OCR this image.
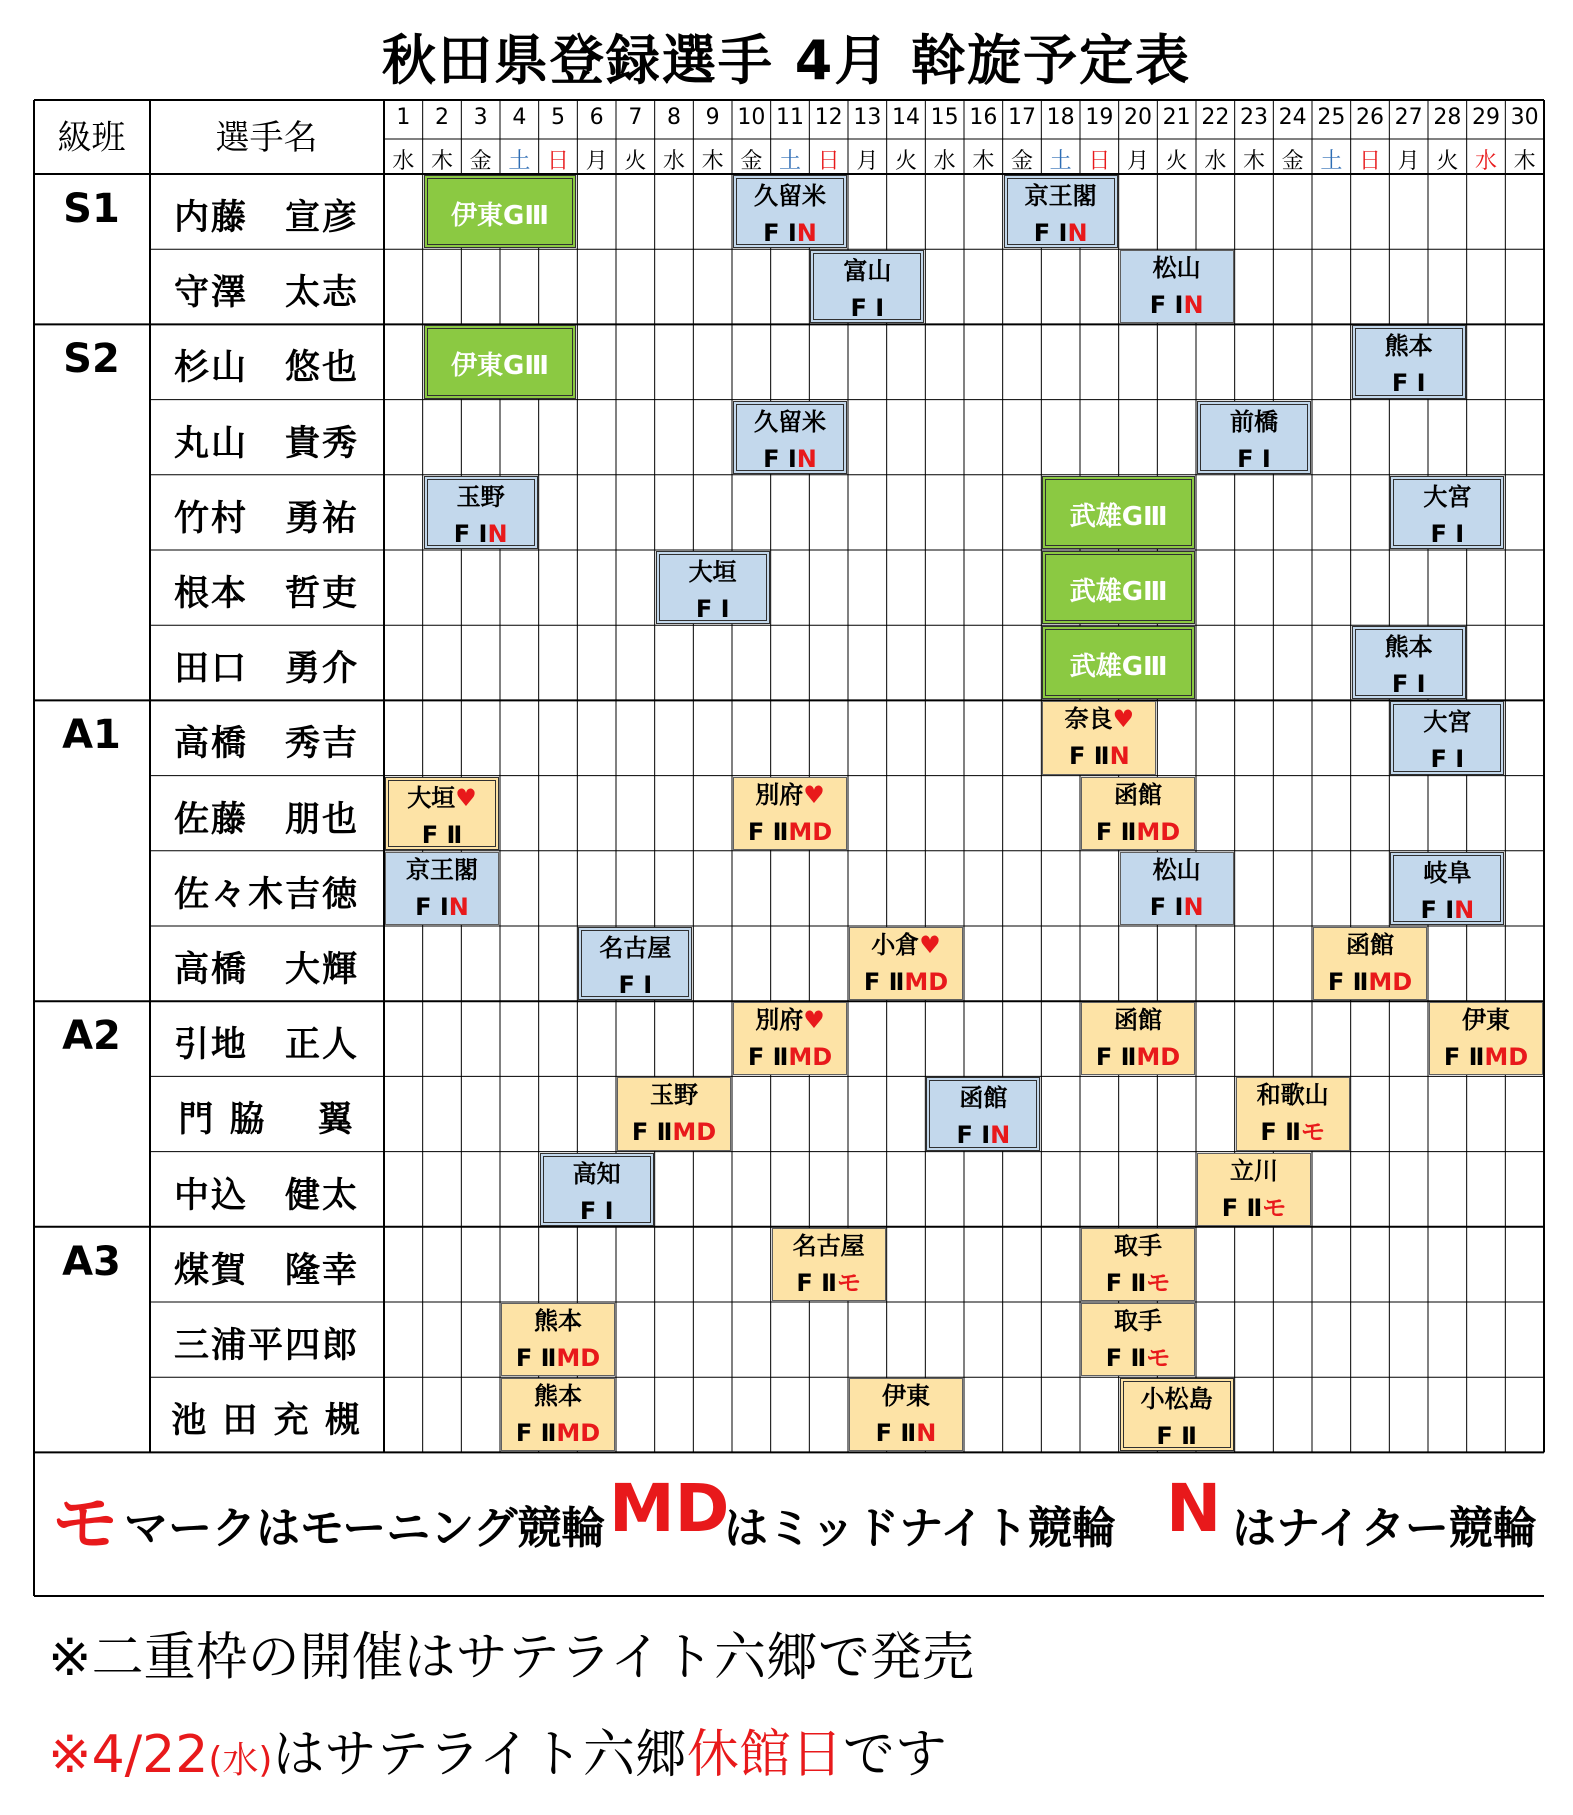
秋田県登録選手 4月 斡旋予定表
級班	選手名
1
水
2
木
3
金
4
土
5
日
6
月
7
火
8
水
9
木
10
金
11
土
12
日
13
月
14
火
15
水
16
木
17
金
18
土
19
日
20
月
21
火
22
水
23
木
24
金
25
土
26
日
27
月
28
火
29
水
30
木
S1
S2
A1
A2
A3
内藤　宣彦
守澤　太志
杉山　悠也
丸山　貴秀
竹村　勇祐
根本　哲吏
田口　勇介
高橋　秀吉
佐藤　朋也
佐々木吉徳
高橋　大輝
引地　正人
門 脇　 翼
中込　健太
煤賀　隆幸
三浦平四郎
池 田 充 槻
伊東GⅢ
久留米
F ⅠN
京王閣
F ⅠN
富山
F Ⅰ
松山
F ⅠN
伊東GⅢ
熊本
F Ⅰ
久留米
F ⅠN
前橋
F Ⅰ
玉野
F ⅠN
武雄GⅢ
大宮
F Ⅰ
大垣
F Ⅰ
武雄GⅢ
武雄GⅢ
熊本
F Ⅰ
奈良♥
F ⅡN
大宮
F Ⅰ
大垣♥
F Ⅱ
別府♥
F ⅡMD
函館
F ⅡMD
京王閣
F ⅠN
松山
F ⅠN
岐阜
F ⅠN
名古屋
F Ⅰ
小倉♥
F ⅡMD
函館
F ⅡMD
別府♥
F ⅡMD
函館
F ⅡMD
伊東
F ⅡMD
玉野
F ⅡMD
函館
F ⅠN
和歌山
F Ⅱモ
高知
F Ⅰ
立川
F Ⅱモ
名古屋
F Ⅱモ
取手
F Ⅱモ
熊本
F ⅡMD
取手
F Ⅱモ
熊本
F ⅡMD
伊東
F ⅡN
小松島
F Ⅱ
モ マークはモーニング競輪 MD
はミッドナイト競輪 N はナイター競輪
※二重枠の開催はサテライト六郷で発売
※4/22(水)はサテライト六郷休館日です
